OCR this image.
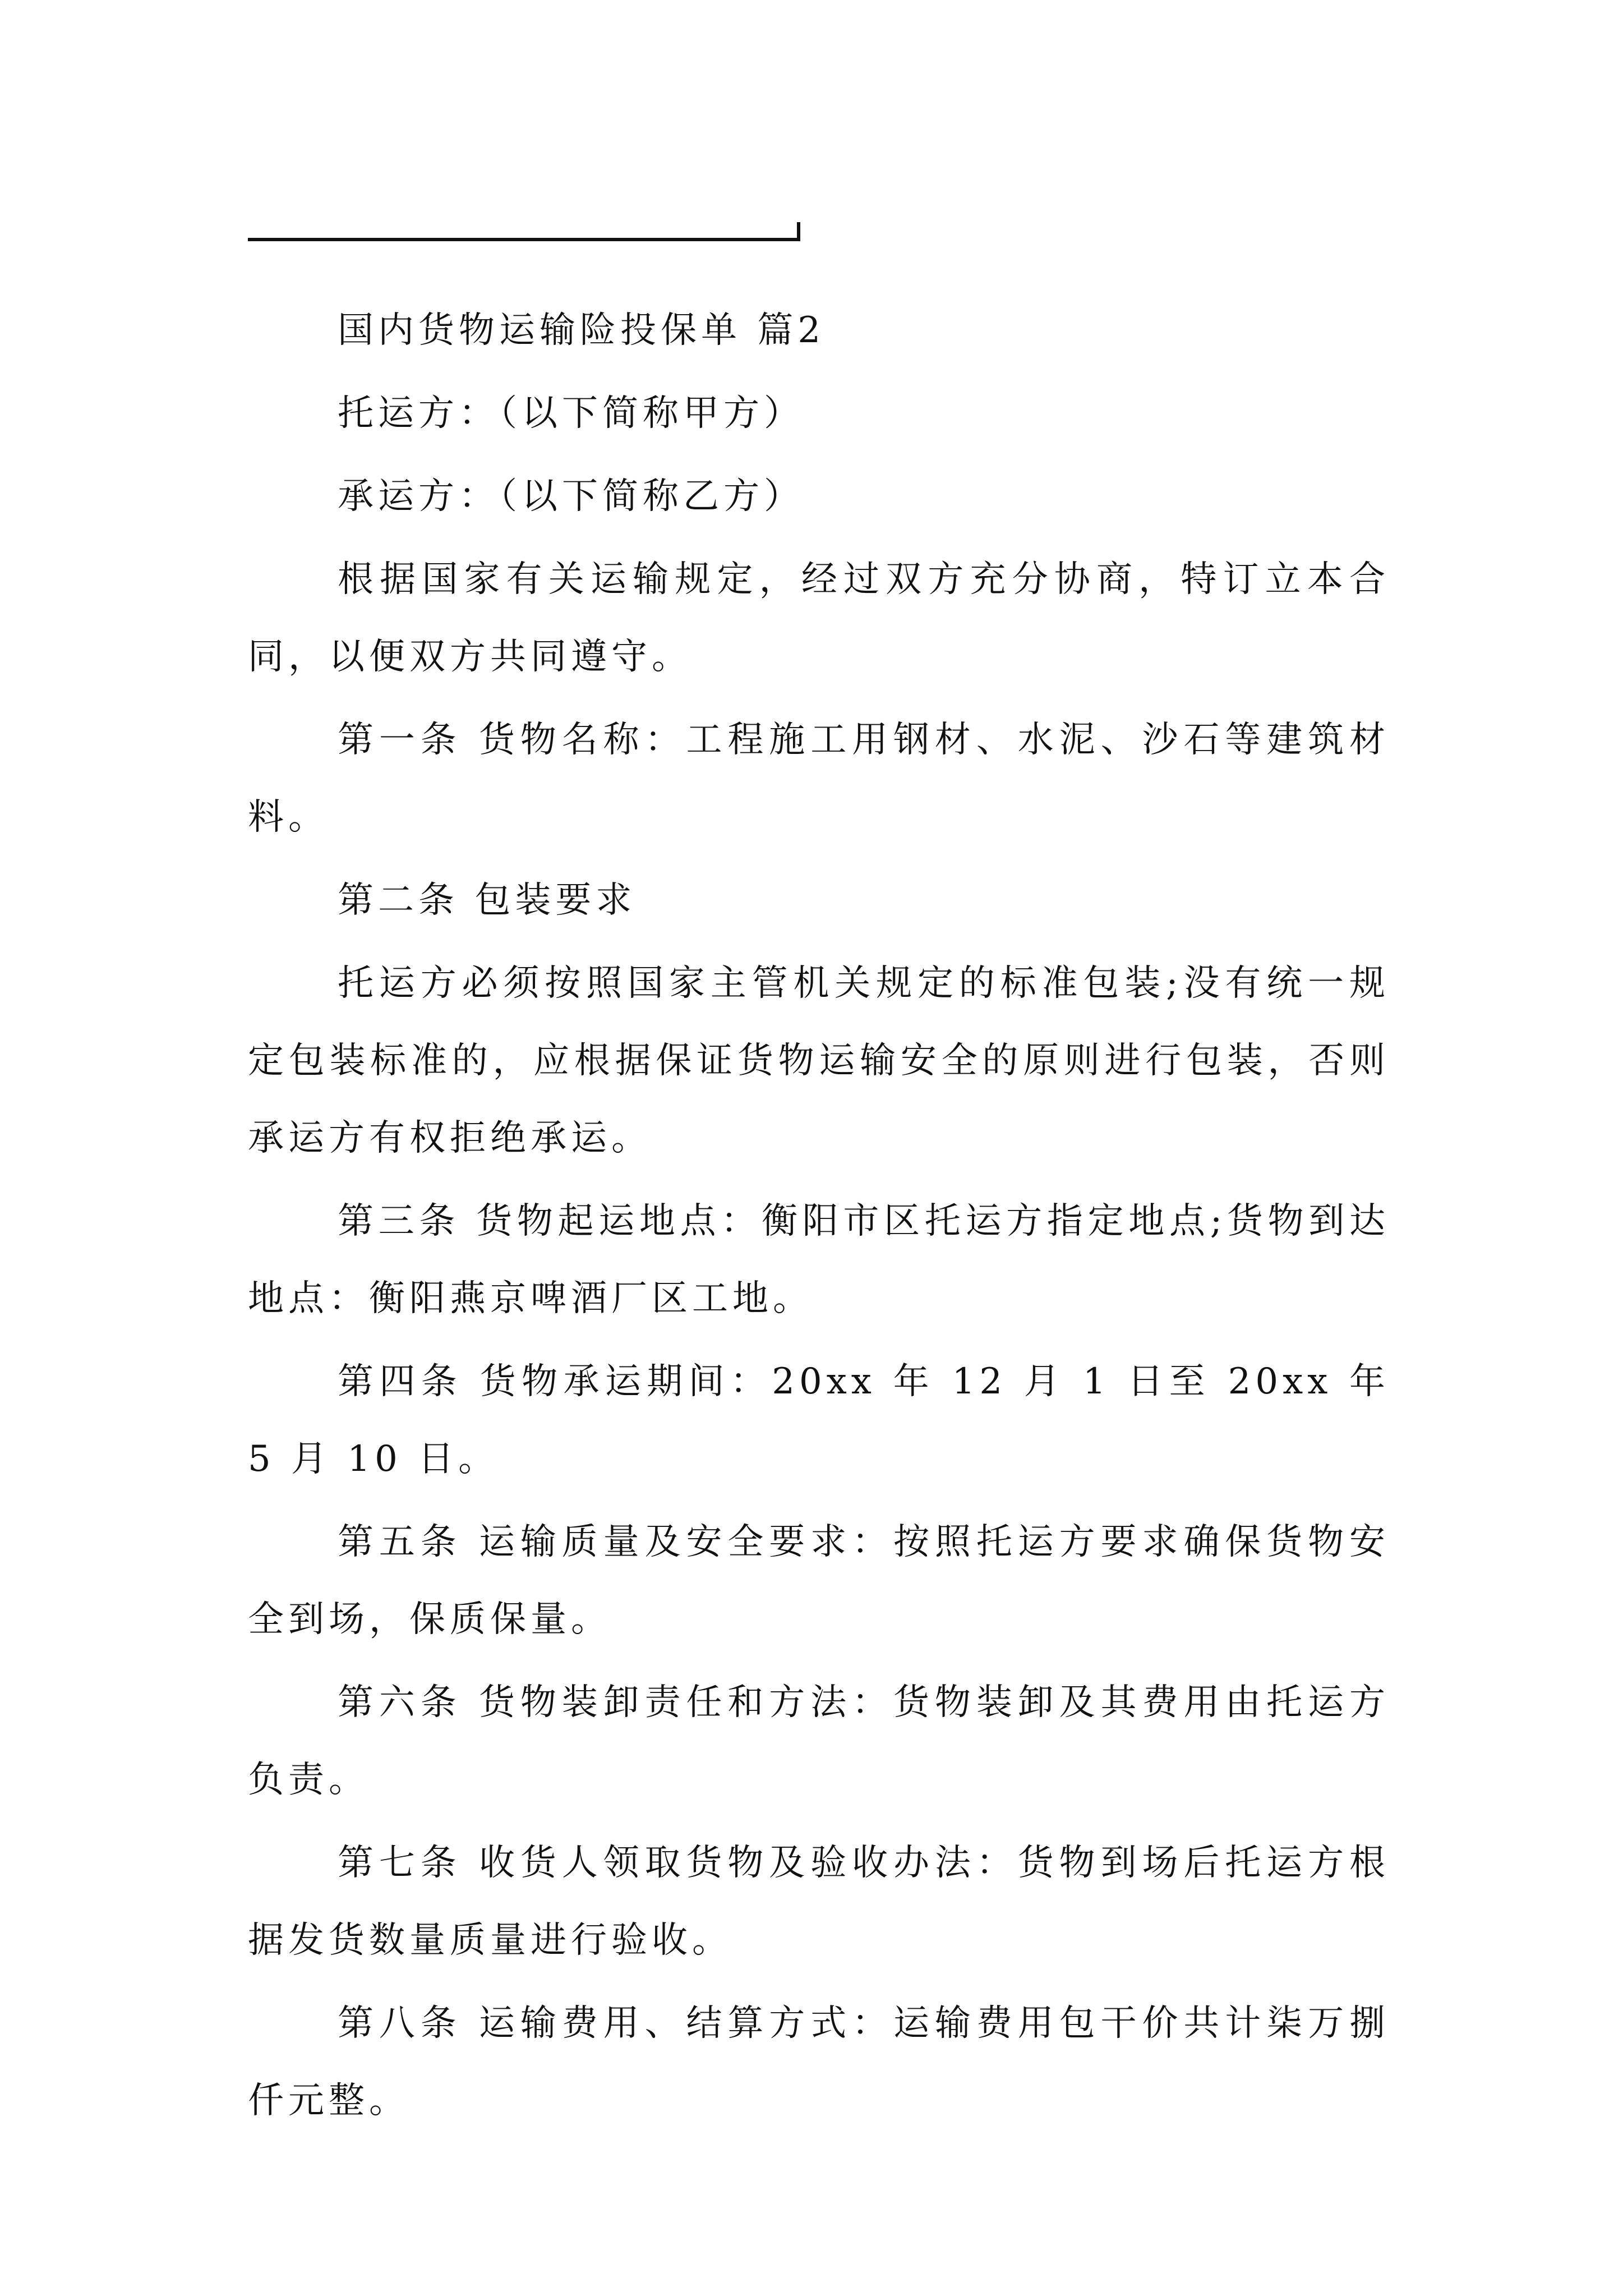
国内货物运输险投保单 篇2

托运方：（以下简称甲方）

承运方：（以下简称乙方）

根据国家有关运输规定，经过双方充分协商，特订立本合同，以便双方共同遵守。

第一条 货物名称：工程施工用钢材、水泥、沙石等建筑材料。

第二条 包装要求

托运方必须按照国家主管机关规定的标准包装;没有统一规定包装标准的，应根据保证货物运输安全的原则进行包装，否则承运方有权拒绝承运。

第三条 货物起运地点：衡阳市区托运方指定地点;货物到达地点：衡阳燕京啤酒厂区工地。

第四条 货物承运期间：20xx 年 12 月 1 日至 20xx 年 5 月 10 日。

第五条 运输质量及安全要求：按照托运方要求确保货物安全到场，保质保量。

第六条 货物装卸责任和方法：货物装卸及其费用由托运方负责。

第七条 收货人领取货物及验收办法：货物到场后托运方根据发货数量质量进行验收。

第八条 运输费用、结算方式：运输费用包干价共计柒万捌仟元整。
